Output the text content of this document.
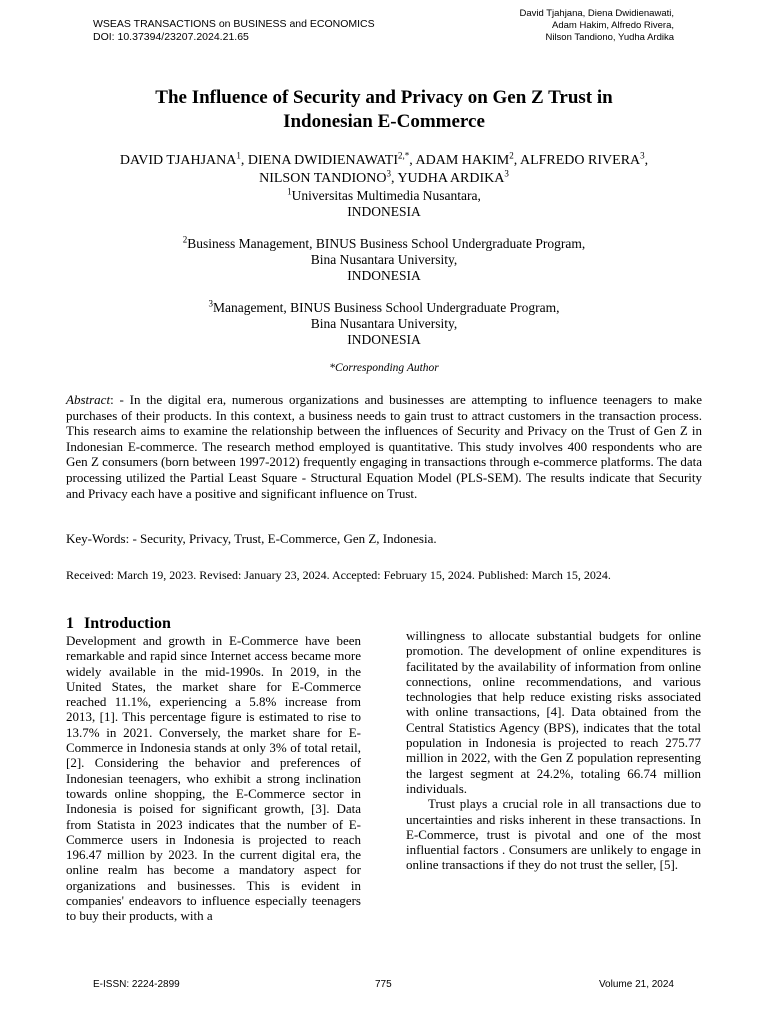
WSEAS TRANSACTIONS on BUSINESS and ECONOMICS
DOI: 10.37394/23207.2024.21.65
David Tjahjana, Diena Dwidienawati,
Adam Hakim, Alfredo Rivera,
Nilson Tandiono, Yudha Ardika
The Influence of Security and Privacy on Gen Z Trust in
Indonesian E-Commerce
DAVID TJAHJANA$^1$, DIENA $DWIDIENAWATI^{2,*}$, ADAM HAKIM$^2$, ALFREDO RIVERA$^3$,
NILSON TANDIONO$^3$, YUDHA ARDIKA$^3$
$^1$Universitas Multimedia Nusantara,
INDONESIA
$^2$Business Management, BINUS Business School Undergraduate Program,
Bina Nusantara University,
INDONESIA
$^3$Management, BINUS Business School Undergraduate Program,
Bina Nusantara University,
INDONESIA
*Corresponding Author
Abstract: - In the digital era, numerous organizations and businesses are attempting to influence teenagers to make purchases of their products. In this context, a business needs to gain trust to attract customers in the transaction process. This research aims to examine the relationship between the influences of Security and Privacy on the Trust of Gen Z in Indonesian E-commerce. The research method employed is quantitative. This study involves 400 respondents who are Gen Z consumers (born between 1997-2012) frequently engaging in transactions through e-commerce platforms. The data processing utilized the Partial Least Square - Structural Equation Model (PLS-SEM). The results indicate that Security and Privacy each have a positive and significant influence on Trust.
Key-Words: - Security, Privacy, Trust, E-Commerce, Gen Z, Indonesia.
Received: March 19, 2023. Revised: January 23, 2024. Accepted: February 15, 2024. Published: March 15, 2024.
1 Introduction

Development and growth in E-Commerce have been remarkable and rapid since Internet access became more widely available in the mid-1990s. In 2019, in the United States, the market share for E-Commerce reached 11.1%, experiencing a 5.8% increase from 2013, [1]. This percentage figure is estimated to rise to 13.7% in 2021. Conversely, the market share for E-Commerce in Indonesia stands at only 3% of total retail, [2]. Considering the behavior and preferences of Indonesian teenagers, who exhibit a strong inclination towards online shopping, the E-Commerce sector in Indonesia is poised for significant growth, [3]. Data from Statista in 2023 indicates that the number of E-Commerce users in Indonesia is projected to reach 196.47 million by 2023. In the current digital era, the online realm has become a mandatory aspect for organizations and businesses. This is evident in companies' endeavors to influence especially teenagers to buy their products, with a

willingness to allocate substantial budgets for online promotion. The development of online expenditures is facilitated by the availability of information from online connections, online recommendations, and various technologies that help reduce existing risks associated with online transactions, [4]. Data obtained from the Central Statistics Agency (BPS), indicates that the total population in Indonesia is projected to reach 275.77 million in 2022, with the Gen Z population representing the largest segment at 24.2%, totaling 66.74 million individuals.

Trust plays a crucial role in all transactions due to uncertainties and risks inherent in these transactions. In E-Commerce, trust is pivotal and one of the most influential factors . Consumers are unlikely to engage in online transactions if they do not trust the seller, [5].

E-ISSN: 2224-2899	775	Volume 21, 2024
